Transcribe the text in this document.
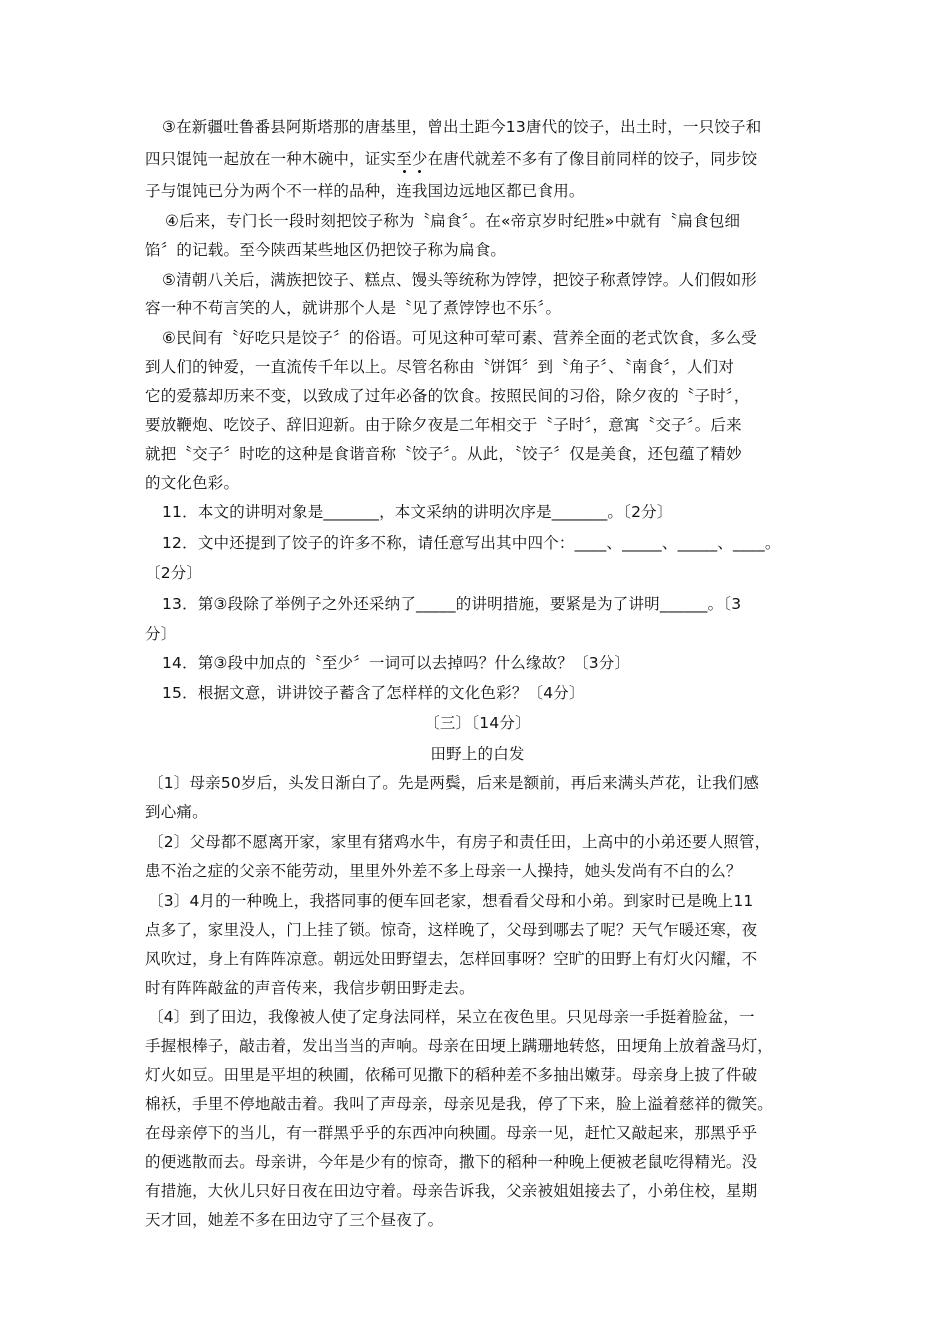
③在新疆吐鲁番县阿斯塔那的唐基里，曾出土距今13唐代的饺子，出土时，一只饺子和
四只馄饨一起放在一种木碗中，证实至少在唐代就差不多有了像目前同样的饺子，同步饺
子与馄饨已分为两个不一样的品种，连我国边远地区都已食用。
④后来，专门长一段时刻把饺子称为〝扁食〞。在«帝京岁时纪胜»中就有〝扁食包细
馅〞的记载。至今陕西某些地区仍把饺子称为扁食。
⑤清朝八关后，满族把饺子、糕点、馒头等统称为饽饽，把饺子称煮饽饽。人们假如形
容一种不苟言笑的人，就讲那个人是〝见了煮饽饽也不乐〞。
⑥民间有〝好吃只是饺子〞的俗语。可见这种可荤可素、营养全面的老式饮食，多么受
到人们的钟爱，一直流传千年以上。尽管名称由〝饼饵〞到〝角子〞、〝南食〞，人们对
它的爱慕却历来不变，以致成了过年必备的饮食。按照民间的习俗，除夕夜的〝子时〞，
要放鞭炮、吃饺子、辞旧迎新。由于除夕夜是二年相交于〝子时〞，意寓〝交子〞。后来
就把〝交子〞时吃的这种是食谐音称〝饺子〞。从此，〝饺子〞仅是美食，还包蕴了精妙
的文化色彩。
11．本文的讲明对象是_______，本文采纳的讲明次序是_______。〔2分〕
12．文中还提到了饺子的许多不称，请任意写出其中四个：____、_____、_____、____。
〔2分〕
13．第③段除了举例子之外还采纳了_____的讲明措施，要紧是为了讲明______。〔3
分〕
14．第③段中加点的〝至少〞一词可以去掉吗？什么缘故？〔3分〕
15．根据文意，讲讲饺子蓄含了怎样样的文化色彩？〔4分〕
〔三〕〔14分〕
田野上的白发
〔1〕母亲50岁后，头发日渐白了。先是两鬓，后来是额前，再后来满头芦花，让我们感
到心痛。
〔2〕父母都不愿离开家，家里有猪鸡水牛，有房子和责任田，上高中的小弟还要人照管，
患不治之症的父亲不能劳动，里里外外差不多上母亲一人操持，她头发尚有不白的么？
〔3〕4月的一种晚上，我搭同事的便车回老家，想看看父母和小弟。到家时已是晚上11
点多了，家里没人，门上挂了锁。惊奇，这样晚了，父母到哪去了呢？天气乍暖还寒，夜
风吹过，身上有阵阵凉意。朝远处田野望去，怎样回事呀？空旷的田野上有灯火闪耀，不
时有阵阵敲盆的声音传来，我信步朝田野走去。
〔4〕到了田边，我像被人使了定身法同样，呆立在夜色里。只见母亲一手挺着脸盆，一
手握根棒子，敲击着，发出当当的声响。母亲在田埂上蹒珊地转悠，田埂角上放着盏马灯，
灯火如豆。田里是平坦的秧圃，依稀可见撒下的稻种差不多抽出嫩芽。母亲身上披了件破
棉袄，手里不停地敲击着。我叫了声母亲，母亲见是我，停了下来，脸上溢着慈祥的微笑。
在母亲停下的当儿，有一群黑乎乎的东西冲向秧圃。母亲一见，赶忙又敲起来，那黑乎乎
的便逃散而去。母亲讲，今年是少有的惊奇，撒下的稻种一种晚上便被老鼠吃得精光。没
有措施，大伙儿只好日夜在田边守着。母亲告诉我，父亲被姐姐接去了，小弟住校，星期
天才回，她差不多在田边守了三个昼夜了。
